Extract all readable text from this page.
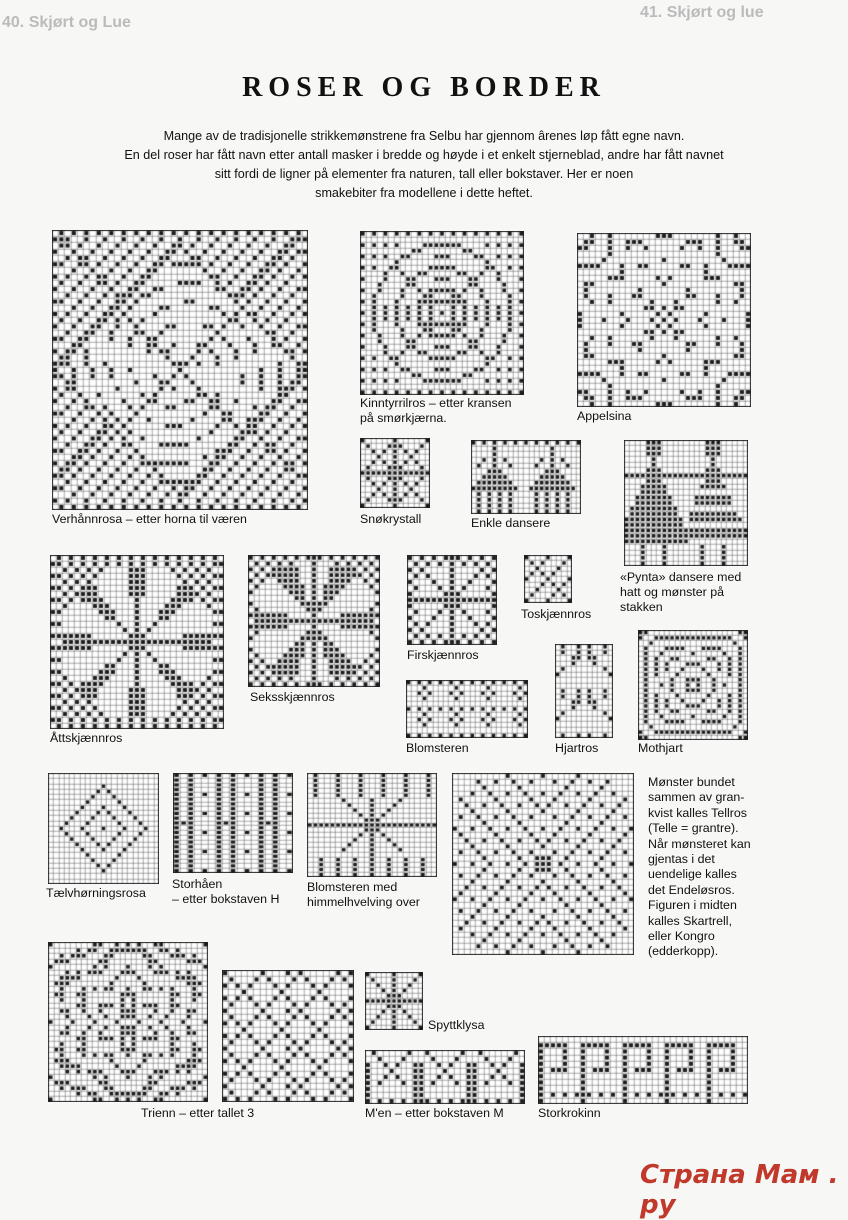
40. Skjørt og Lue
41. Skjørt og lue
ROSER OG BORDER
Mange av de tradisjonelle strikkemønstrene fra Selbu har gjennom ârenes løp fått egne navn.
En del roser har fått navn etter antall masker i bredde og høyde i et enkelt stjerneblad, andre har fått navnet
sitt fordi de ligner på elementer fra naturen, tall eller bokstaver. Her er noen
smakebiter fra modellene i dette heftet.
Verhånnrosa – etter horna til væren
Kinntyrrilros – etter kransen
på smørkjærna.	Appelsina
Snøkrystall	Enkle dansere
«Pynta» dansere med
hatt og mønster på
stakken
Åttskjænnros
Seksskjænnros
Firskjænnros
Toskjænnros
Blomsteren	Hjartros	Mothjart
Tælvhørningsrosa
Storhåen
– etter bokstaven H
Blomsteren med
himmelhvelving over
Mønster bundet
sammen av gran-
kvist kalles Tellros
(Telle = grantre).
Når mønsteret kan
gjentas i det
uendelige kalles
det Endeløsros.
Figuren i midten
kalles Skartrell,
eller Kongro
(edderkopp).
Trienn – etter tallet 3
Spyttklysa
M'en – etter bokstaven M	Storkrokinn
Страна Мам . ру
